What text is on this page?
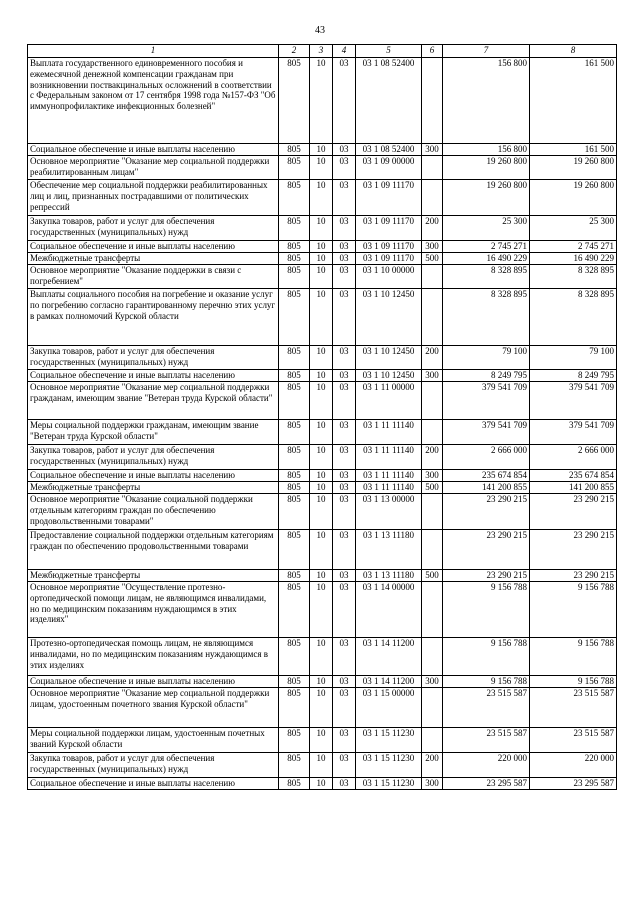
43
1	2	3	4	5	6	7	8
Выплата государственного единовременного пособия и ежемесячной денежной компенсации гражданам при возникновении поствакцинальных осложнений в соответствии с Федеральным законом от 17 сентября 1998 года №157-ФЗ "Об иммунопрофилактике инфекционных болезней"	805	10	03	03 1 08 52400		156 800	161 500
Социальное обеспечение и иные выплаты населению	805	10	03	03 1 08 52400	300	156 800	161 500
Основное мероприятие "Оказание мер социальной поддержки реабилитированным лицам"	805	10	03	03 1 09 00000		19 260 800	19 260 800
Обеспечение мер социальной поддержки реабилитированных лиц и лиц, признанных пострадавшими от политических репрессий	805	10	03	03 1 09 11170		19 260 800	19 260 800
Закупка товаров, работ и услуг для обеспечения государственных (муниципальных) нужд	805	10	03	03 1 09 11170	200	25 300	25 300
Социальное обеспечение и иные выплаты населению	805	10	03	03 1 09 11170	300	2 745 271	2 745 271
Межбюджетные трансферты	805	10	03	03 1 09 11170	500	16 490 229	16 490 229
Основное мероприятие "Оказание поддержки в связи с погребением"	805	10	03	03 1 10 00000		8 328 895	8 328 895
Выплаты социального пособия на погребение и оказание услуг по погребению согласно гарантированному перечню этих услуг в рамках полномочий Курской области	805	10	03	03 1 10 12450		8 328 895	8 328 895
Закупка товаров, работ и услуг для обеспечения государственных (муниципальных) нужд	805	10	03	03 1 10 12450	200	79 100	79 100
Социальное обеспечение и иные выплаты населению	805	10	03	03 1 10 12450	300	8 249 795	8 249 795
Основное мероприятие "Оказание мер социальной поддержки гражданам, имеющим звание "Ветеран труда Курской области"	805	10	03	03 1 11 00000		379 541 709	379 541 709
Меры социальной поддержки гражданам, имеющим звание "Ветеран труда Курской области"	805	10	03	03 1 11 11140		379 541 709	379 541 709
Закупка товаров, работ и услуг для обеспечения государственных (муниципальных) нужд	805	10	03	03 1 11 11140	200	2 666 000	2 666 000
Социальное обеспечение и иные выплаты населению	805	10	03	03 1 11 11140	300	235 674 854	235 674 854
Межбюджетные трансферты	805	10	03	03 1 11 11140	500	141 200 855	141 200 855
Основное мероприятие "Оказание социальной поддержки отдельным категориям граждан по обеспечению продовольственными товарами"	805	10	03	03 1 13 00000		23 290 215	23 290 215
Предоставление социальной поддержки отдельным категориям граждан по обеспечению продовольственными товарами	805	10	03	03 1 13 11180		23 290 215	23 290 215
Межбюджетные трансферты	805	10	03	03 1 13 11180	500	23 290 215	23 290 215
Основное мероприятие "Осуществление протезно-ортопедической помощи лицам, не являющимся инвалидами, но по медицинским показаниям нуждающимся в этих изделиях"	805	10	03	03 1 14 00000		9 156 788	9 156 788
Протезно-ортопедическая помощь лицам, не являющимся инвалидами, но по медицинским показаниям нуждающимся в этих изделиях	805	10	03	03 1 14 11200		9 156 788	9 156 788
Социальное обеспечение и иные выплаты населению	805	10	03	03 1 14 11200	300	9 156 788	9 156 788
Основное мероприятие "Оказание мер социальной поддержки лицам, удостоенным почетного звания Курской области"	805	10	03	03 1 15 00000		23 515 587	23 515 587
Меры социальной поддержки лицам, удостоенным почетных званий Курской области	805	10	03	03 1 15 11230		23 515 587	23 515 587
Закупка товаров, работ и услуг для обеспечения государственных (муниципальных) нужд	805	10	03	03 1 15 11230	200	220 000	220 000
Социальное обеспечение и иные выплаты населению	805	10	03	03 1 15 11230	300	23 295 587	23 295 587
